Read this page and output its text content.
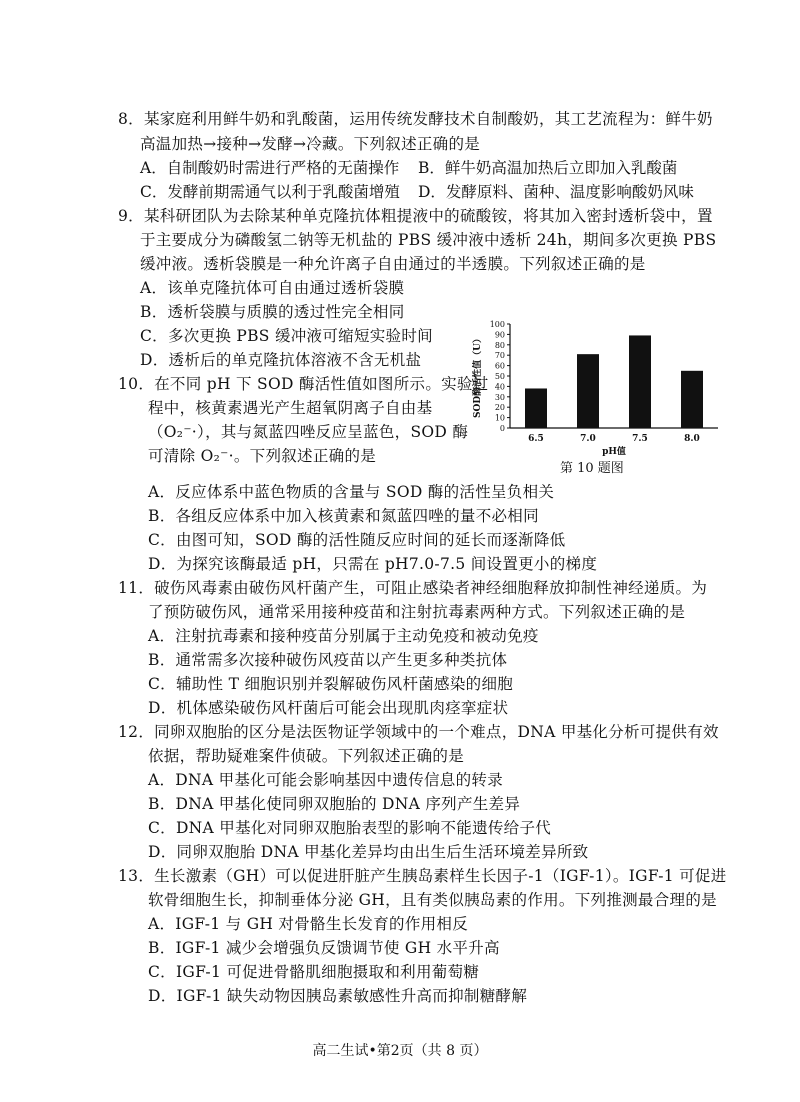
8．某家庭利用鲜牛奶和乳酸菌，运用传统发酵技术自制酸奶，其工艺流程为：鲜牛奶
高温加热→接种→发酵→冷藏。下列叙述正确的是
A．自制酸奶时需进行严格的无菌操作 B．鲜牛奶高温加热后立即加入乳酸菌
C．发酵前期需通气以利于乳酸菌增殖 D．发酵原料、菌种、温度影响酸奶风味
9．某科研团队为去除某种单克隆抗体粗提液中的硫酸铵，将其加入密封透析袋中，置
于主要成分为磷酸氢二钠等无机盐的 PBS 缓冲液中透析 24h，期间多次更换 PBS
缓冲液。透析袋膜是一种允许离子自由通过的半透膜。下列叙述正确的是
A．该单克隆抗体可自由通过透析袋膜
B．透析袋膜与质膜的透过性完全相同
C．多次更换 PBS 缓冲液可缩短实验时间
D．透析后的单克隆抗体溶液不含无机盐
10．在不同 pH 下 SOD 酶活性值如图所示。实验过
程中，核黄素遇光产生超氧阴离子自由基
（O₂⁻·），其与氮蓝四唑反应呈蓝色，SOD 酶
可清除 O₂⁻·。下列叙述正确的是
0
10
20
30
40
50
60
70
80
90
100
SOD酶活性值（U）
6.5	7.0	7.5	8.0
pH值
第 10 题图
A．反应体系中蓝色物质的含量与 SOD 酶的活性呈负相关
B．各组反应体系中加入核黄素和氮蓝四唑的量不必相同
C．由图可知，SOD 酶的活性随反应时间的延长而逐渐降低
D．为探究该酶最适 pH，只需在 pH7.0-7.5 间设置更小的梯度
11．破伤风毒素由破伤风杆菌产生，可阻止感染者神经细胞释放抑制性神经递质。为
了预防破伤风，通常采用接种疫苗和注射抗毒素两种方式。下列叙述正确的是
A．注射抗毒素和接种疫苗分别属于主动免疫和被动免疫
B．通常需多次接种破伤风疫苗以产生更多种类抗体
C．辅助性 T 细胞识别并裂解破伤风杆菌感染的细胞
D．机体感染破伤风杆菌后可能会出现肌肉痉挛症状
12．同卵双胞胎的区分是法医物证学领域中的一个难点，DNA 甲基化分析可提供有效
依据，帮助疑难案件侦破。下列叙述正确的是
A．DNA 甲基化可能会影响基因中遗传信息的转录
B．DNA 甲基化使同卵双胞胎的 DNA 序列产生差异
C．DNA 甲基化对同卵双胞胎表型的影响不能遗传给子代
D．同卵双胞胎 DNA 甲基化差异均由出生后生活环境差异所致
13．生长激素（GH）可以促进肝脏产生胰岛素样生长因子-1（IGF-1）。IGF-1 可促进
软骨细胞生长，抑制垂体分泌 GH，且有类似胰岛素的作用。下列推测最合理的是
A．IGF-1 与 GH 对骨骼生长发育的作用相反
B．IGF-1 减少会增强负反馈调节使 GH 水平升高
C．IGF-1 可促进骨骼肌细胞摄取和利用葡萄糖
D．IGF-1 缺失动物因胰岛素敏感性升高而抑制糖酵解
高二生试•第2页（共 8 页）
